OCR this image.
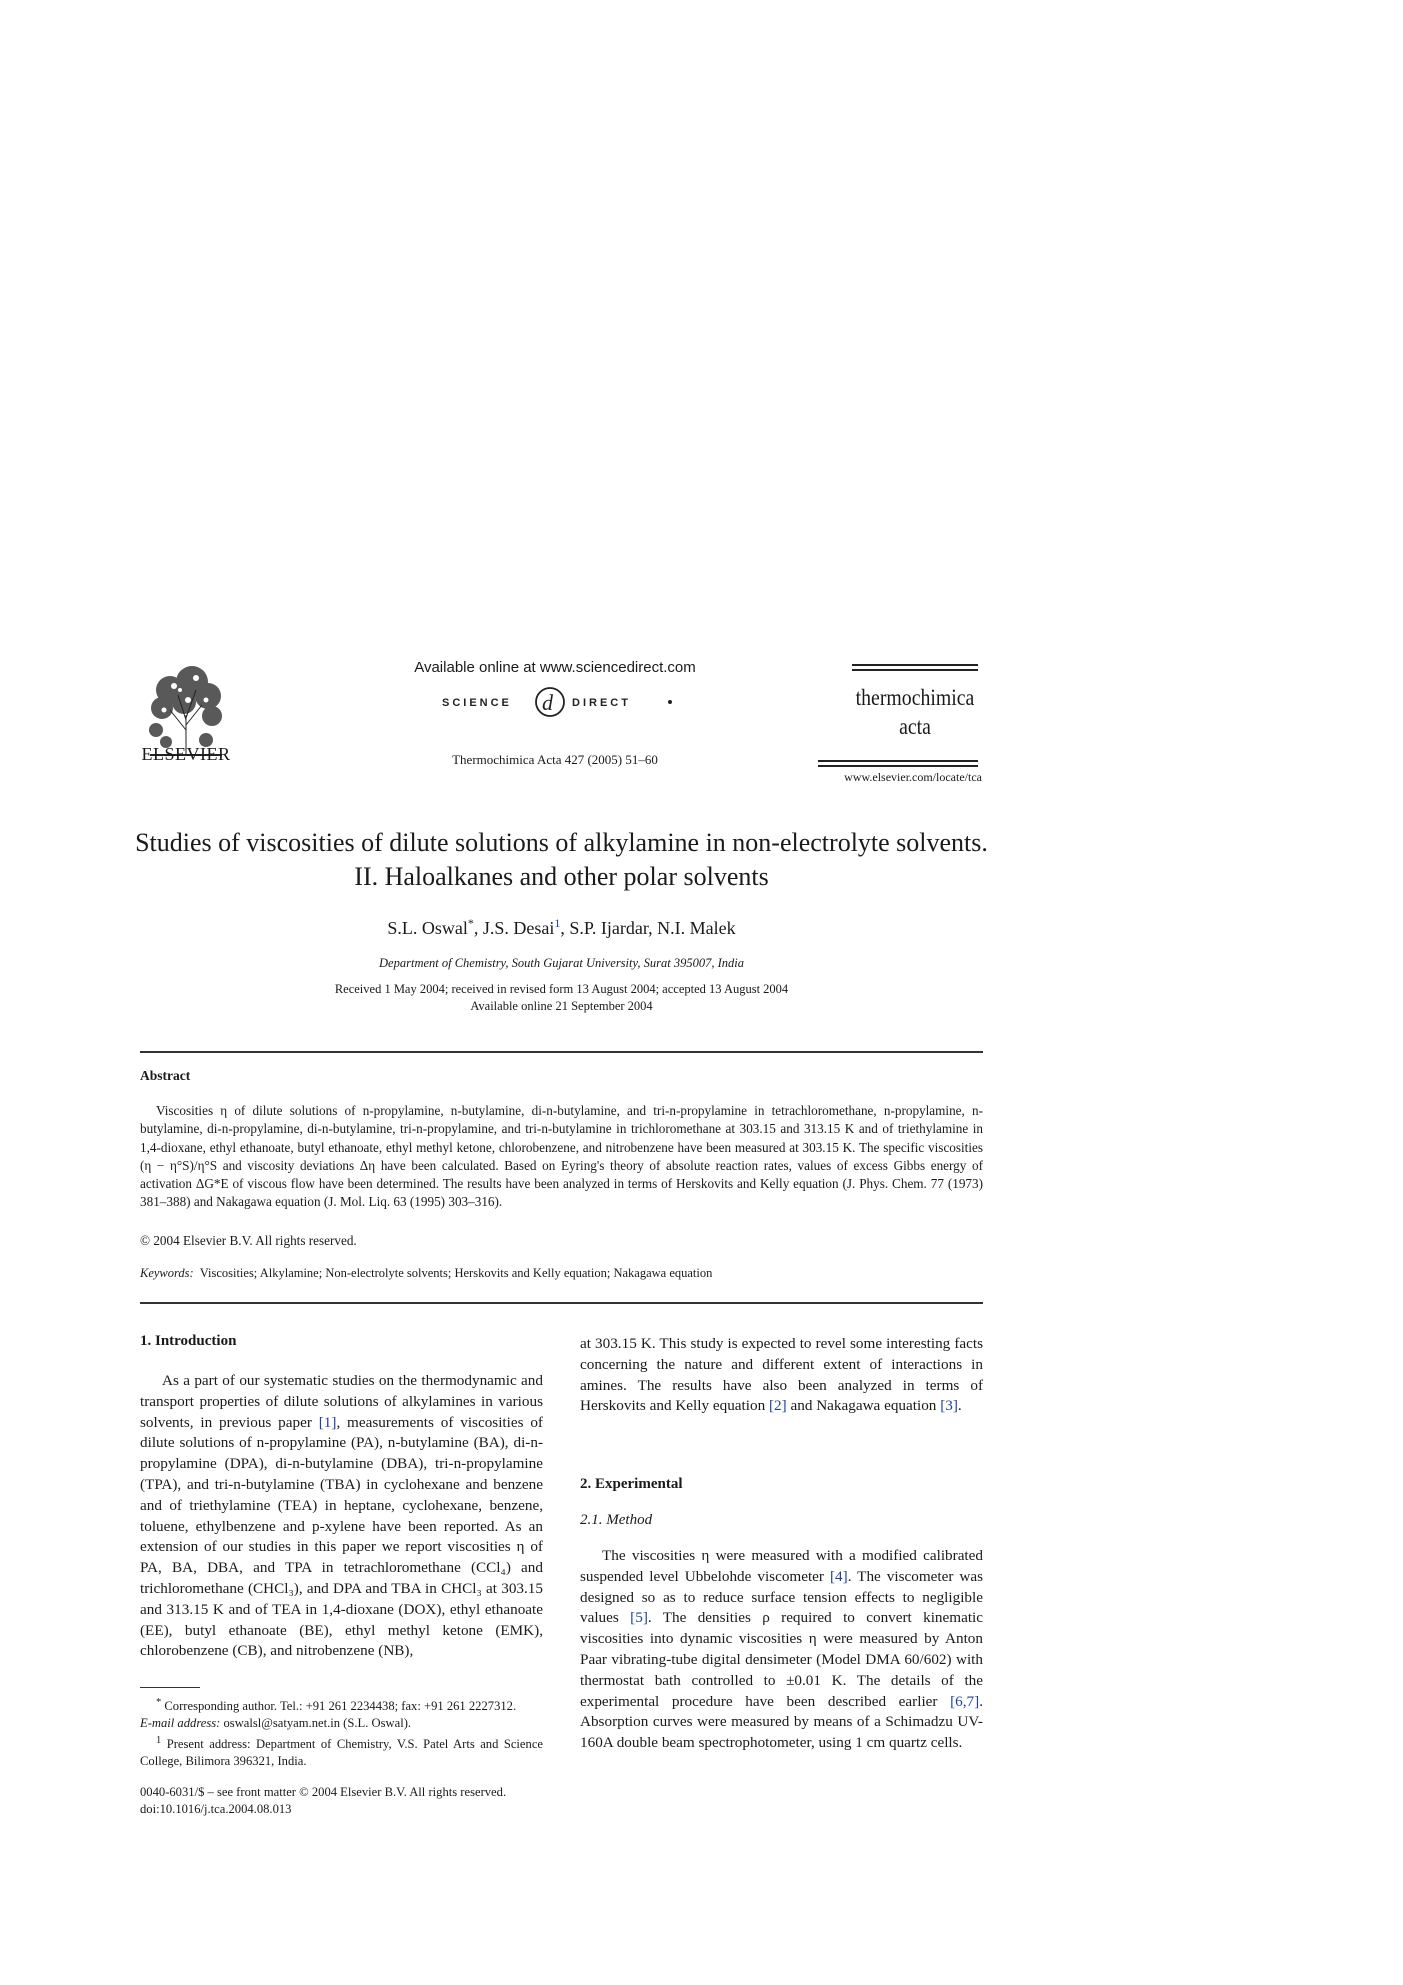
ELSEVIER
Available online at www.sciencedirect.com
SCIENCE d DIRECT
Thermochimica Acta 427 (2005) 51–60
thermochimica
acta
www.elsevier.com/locate/tca
Studies of viscosities of dilute solutions of alkylamine in non-electrolyte solvents. II. Haloalkanes and other polar solvents
S.L. Oswal*, J.S. Desai$^1$, S.P. Ijardar, N.I. Malek
Department of Chemistry, South Gujarat University, Surat 395007, India
Received 1 May 2004; received in revised form 13 August 2004; accepted 13 August 2004
Available online 21 September 2004
Abstract
Viscosities η of dilute solutions of n-propylamine, n-butylamine, di-n-butylamine, and tri-n-propylamine in tetrachloromethane, n-propylamine, n-butylamine, di-n-propylamine, di-n-butylamine, tri-n-propylamine, and tri-n-butylamine in trichloromethane at 303.15 and 313.15 K and of triethylamine in 1,4-dioxane, ethyl ethanoate, butyl ethanoate, ethyl methyl ketone, chlorobenzene, and nitrobenzene have been measured at 303.15 K. The specific viscosities (η − η°S)/η°S and viscosity deviations Δη have been calculated. Based on Eyring's theory of absolute reaction rates, values of excess Gibbs energy of activation ΔG*E of viscous flow have been determined. The results have been analyzed in terms of Herskovits and Kelly equation (J. Phys. Chem. 77 (1973) 381–388) and Nakagawa equation (J. Mol. Liq. 63 (1995) 303–316).
© 2004 Elsevier B.V. All rights reserved.
Keywords: Viscosities; Alkylamine; Non-electrolyte solvents; Herskovits and Kelly equation; Nakagawa equation
1. Introduction
As a part of our systematic studies on the thermodynamic and transport properties of dilute solutions of alkylamines in various solvents, in previous paper [1], measurements of viscosities of dilute solutions of n-propylamine (PA), n-butylamine (BA), di-n-propylamine (DPA), di-n-butylamine (DBA), tri-n-propylamine (TPA), and tri-n-butylamine (TBA) in cyclohexane and benzene and of triethylamine (TEA) in heptane, cyclohexane, benzene, toluene, ethylbenzene and p-xylene have been reported. As an extension of our studies in this paper we report viscosities η of PA, BA, DBA, and TPA in tetrachloromethane (CCl₄) and trichloromethane (CHCl₃), and DPA and TBA in CHCl₃ at 303.15 and 313.15 K and of TEA in 1,4-dioxane (DOX), ethyl ethanoate (EE), butyl ethanoate (BE), ethyl methyl ketone (EMK), chlorobenzene (CB), and nitrobenzene (NB),
* Corresponding author. Tel.: +91 261 2234438; fax: +91 261 2227312.
E-mail address: oswalsl@satyam.net.in (S.L. Oswal).
$^1$ Present address: Department of Chemistry, V.S. Patel Arts and Science College, Bilimora 396321, India.
0040-6031/$ – see front matter © 2004 Elsevier B.V. All rights reserved.
doi:10.1016/j.tca.2004.08.013
at 303.15 K. This study is expected to revel some interesting facts concerning the nature and different extent of interactions in amines. The results have also been analyzed in terms of Herskovits and Kelly equation [2] and Nakagawa equation [3].
2. Experimental
2.1. Method
The viscosities η were measured with a modified calibrated suspended level Ubbelohde viscometer [4]. The viscometer was designed so as to reduce surface tension effects to negligible values [5]. The densities ρ required to convert kinematic viscosities into dynamic viscosities η were measured by Anton Paar vibrating-tube digital densimeter (Model DMA 60/602) with thermostat bath controlled to ±0.01 K. The details of the experimental procedure have been described earlier [6,7]. Absorption curves were measured by means of a Schimadzu UV-160A double beam spectrophotometer, using 1 cm quartz cells.
